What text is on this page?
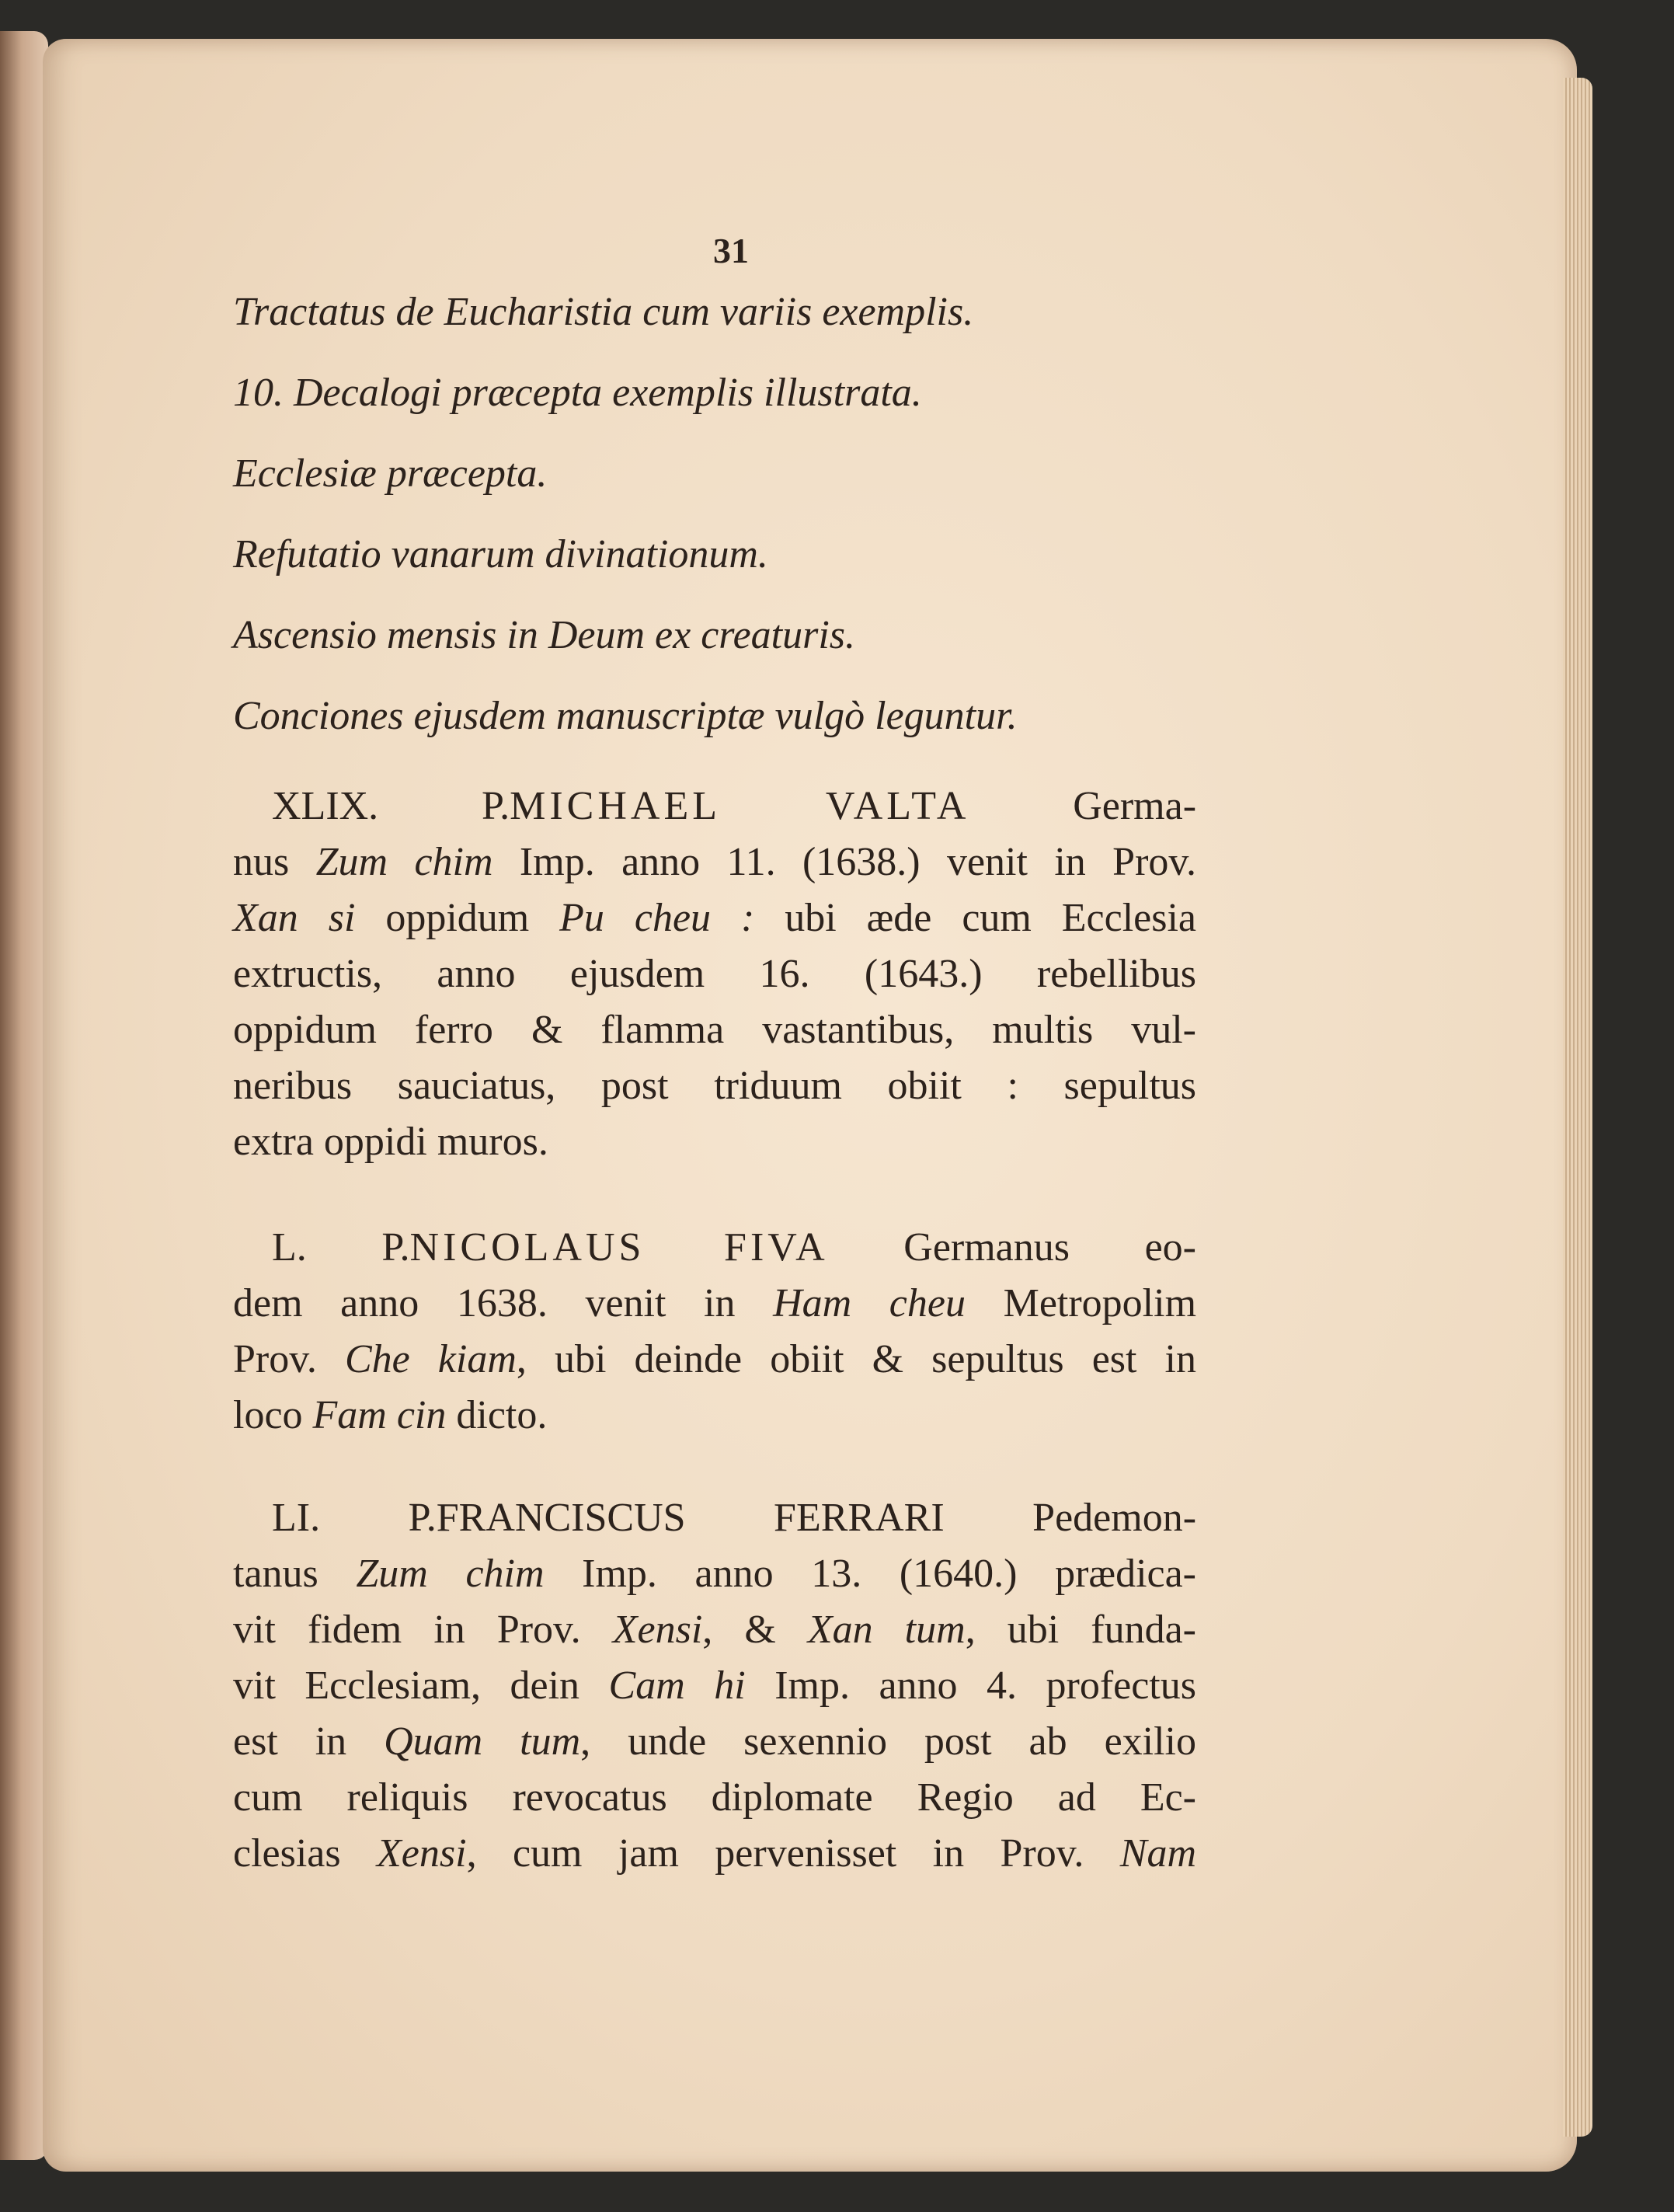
31

Tractatus de Eucharistia cum variis exemplis.

10. Decalogi præcepta exemplis illustrata.

Ecclesiæ præcepta.

Refutatio vanarum divinationum.

Ascensio mensis in Deum ex creaturis.

Conciones ejusdem manuscriptæ vulgò leguntur.

XLIX. P.MICHAEL VALTA Germa-
nus Zum chim Imp. anno 11. (1638.) venit in Prov.
Xan si oppidum Pu cheu : ubi æde cum Ecclesia
extructis, anno ejusdem 16. (1643.) rebellibus
oppidum ferro & flamma vastantibus, multis vul-
neribus sauciatus, post triduum obiit : sepultus
extra oppidi muros.
L. P.NICOLAUS FIVA Germanus eo-
dem anno 1638. venit in Ham cheu Metropolim
Prov. Che kiam, ubi deinde obiit & sepultus est in
loco Fam cin dicto.
LI. P.FRANCISCUS FERRARI Pedemon-
tanus Zum chim Imp. anno 13. (1640.) prædica-
vit fidem in Prov. Xensi, & Xan tum, ubi funda-
vit Ecclesiam, dein Cam hi Imp. anno 4. profectus
est in Quam tum, unde sexennio post ab exilio
cum reliquis revocatus diplomate Regio ad Ec-
clesias Xensi, cum jam pervenisset in Prov. Nam
